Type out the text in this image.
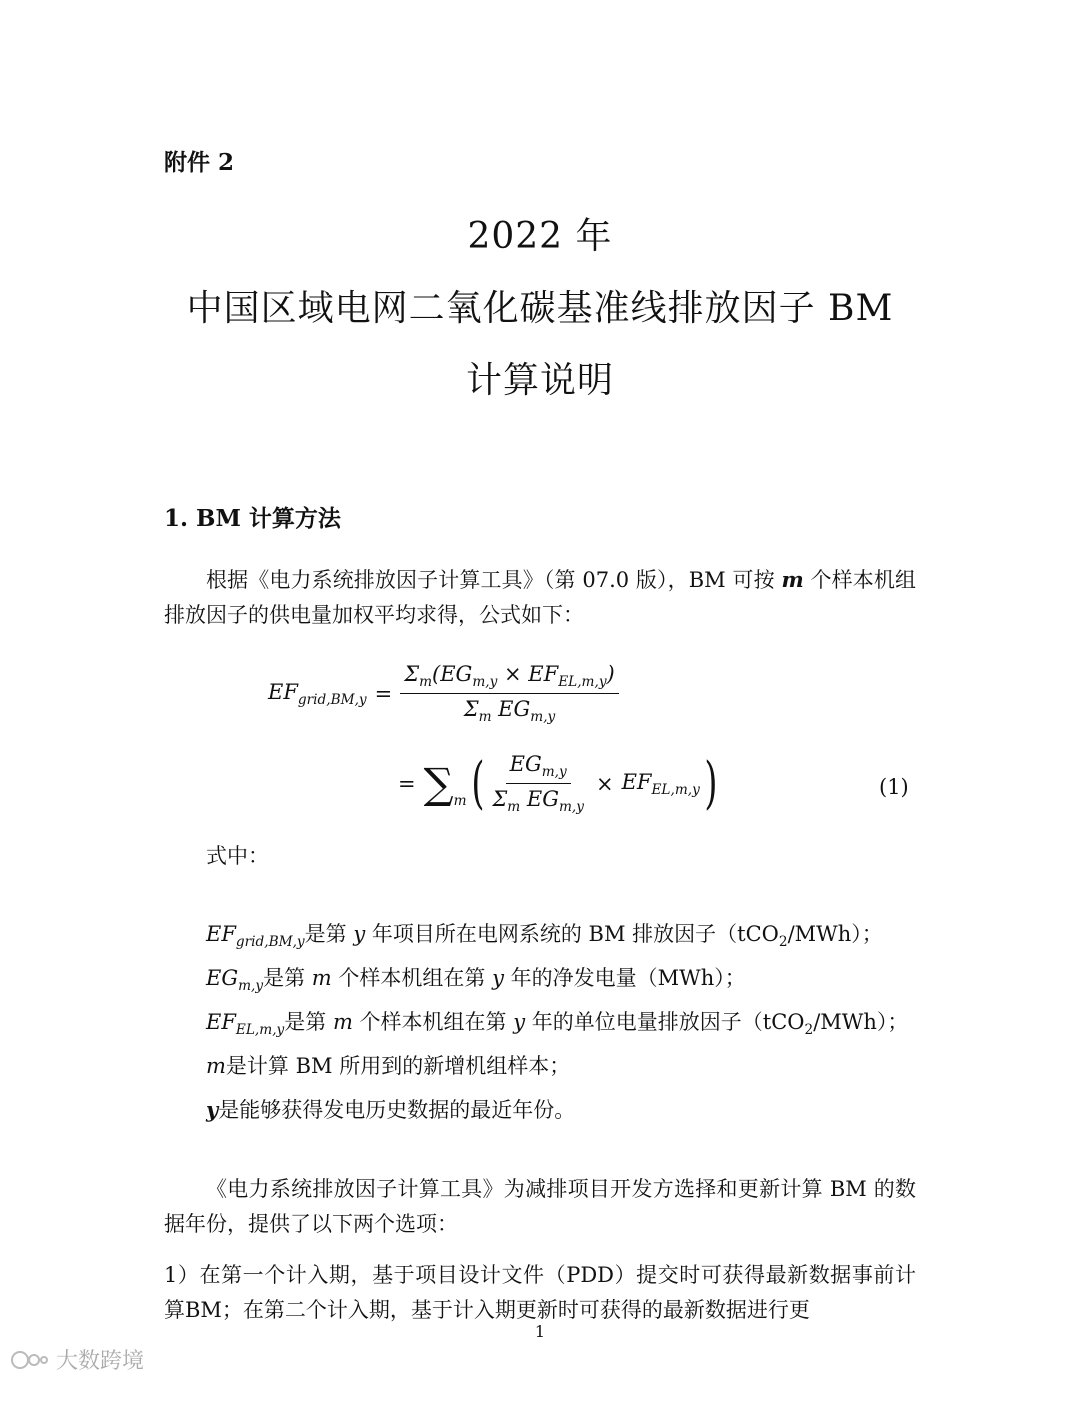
附件 2
2022 年
中国区域电网二氧化碳基准线排放因子 BM
计算说明
1. BM 计算方法
根据《电力系统排放因子计算工具》（第 07.0 版），BM 可按 m 个样本机组排放因子的供电量加权平均求得，公式如下：
$EF_{grid,BM,y} = \frac{\Sigma_m(EG_{m,y} \times EF_{EL,m,y})}{\Sigma_m EG_{m,y}}$
= $\sum_m$ ( $\frac{EG_{m,y}}{\Sigma_m EG_{m,y}} \times EF_{EL,m,y}$ )	(1)
式中：
$EF_{grid,BM,y}$是第 y 年项目所在电网系统的 BM 排放因子（tCO$_2$/MWh）；
$EG_{m,y}$是第 m 个样本机组在第 y 年的净发电量（MWh）；
$EF_{EL,m,y}$是第 m 个样本机组在第 y 年的单位电量排放因子（tCO$_2$/MWh）；
m是计算 BM 所用到的新增机组样本；
y是能够获得发电历史数据的最近年份。
《电力系统排放因子计算工具》为减排项目开发方选择和更新计算 BM 的数据年份，提供了以下两个选项：
1）在第一个计入期，基于项目设计文件（PDD）提交时可获得最新数据事前计算BM；在第二个计入期，基于计入期更新时可获得的最新数据进行更
1
大数跨境
